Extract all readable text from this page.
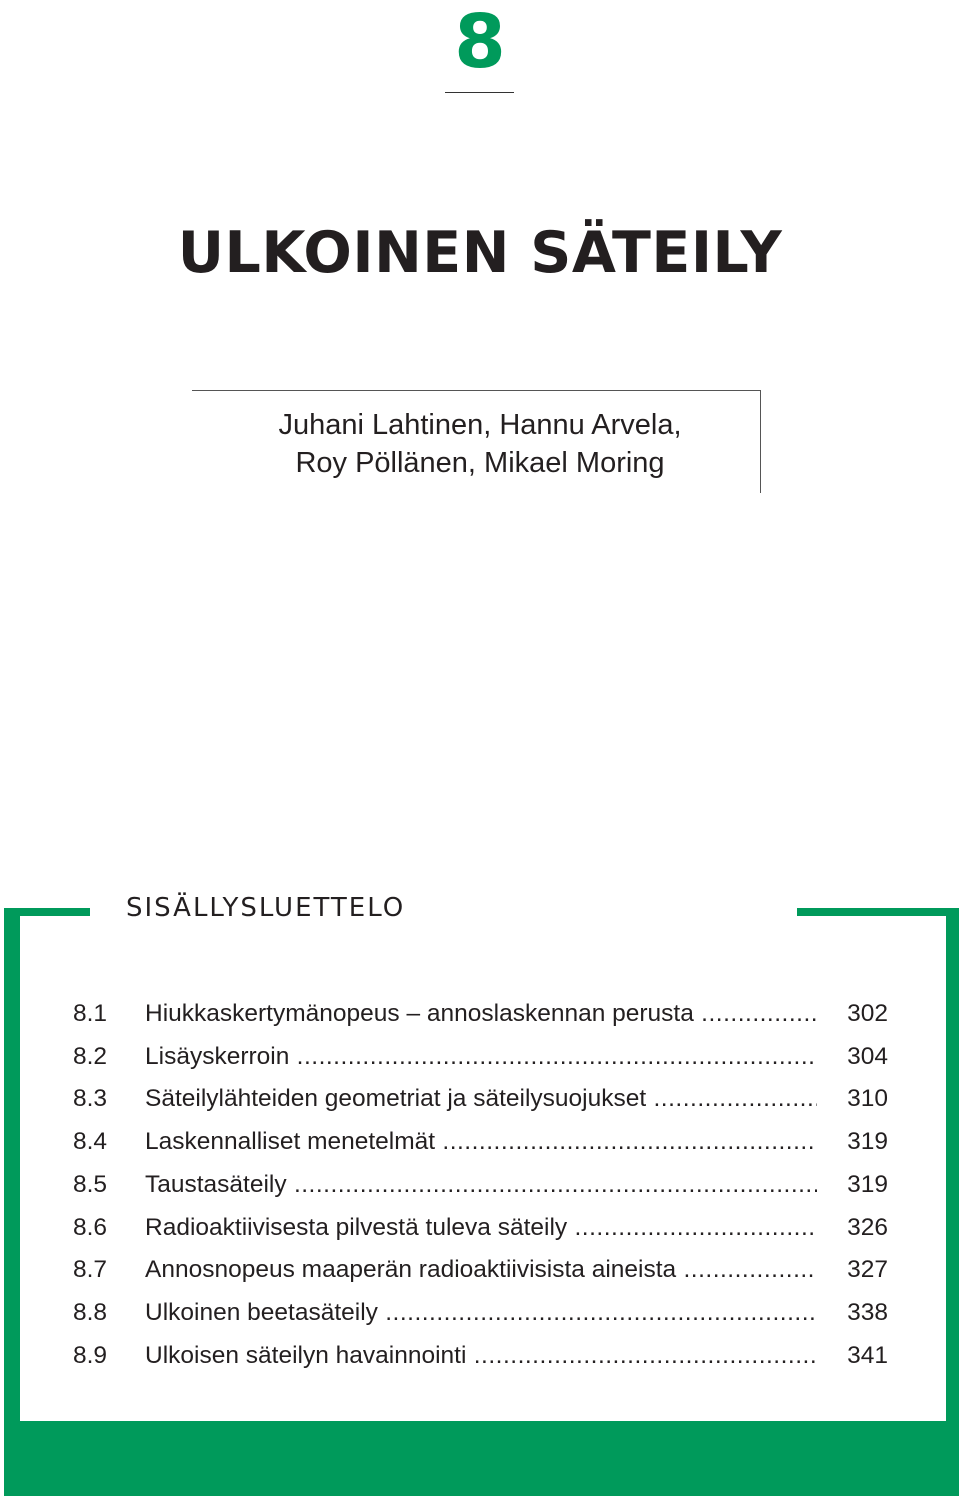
8
ULKOINEN SÄTEILY
Juhani Lahtinen, Hannu Arvela,
Roy Pöllänen, Mikael Moring
SISÄLLYSLUETTELO
8.1 Hiukkaskertymänopeus – annoslaskennan perusta .....	302
8.2 Lisäyskerroin .....	304
8.3 Säteilylähteiden geometriat ja säteilysuojukset .....	310
8.4 Laskennalliset menetelmät .....	319
8.5 Taustasäteily .....	319
8.6 Radioaktiivisesta pilvestä tuleva säteily .....	326
8.7 Annosnopeus maaperän radioaktiivisista aineista .....	327
8.8 Ulkoinen beetasäteily .....	338
8.9 Ulkoisen säteilyn havainnointi .....	341
